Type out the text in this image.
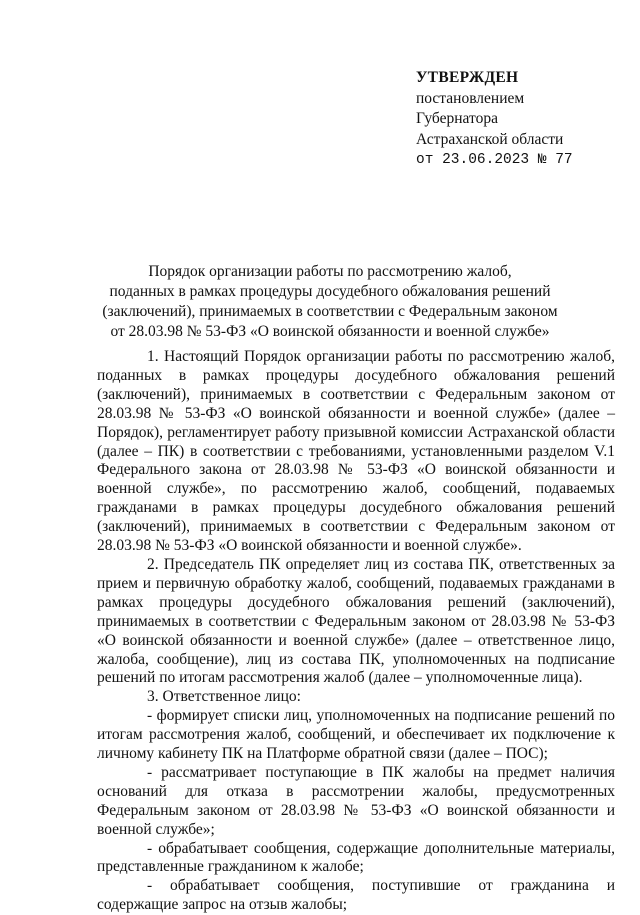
УТВЕРЖДЕН
постановлением
Губернатора
Астраханской области
от 23.06.2023 № 77
Порядок организации работы по рассмотрению жалоб,
поданных в рамках процедуры досудебного обжалования решений
(заключений), принимаемых в соответствии с Федеральным законом
от 28.03.98 № 53-ФЗ «О воинской обязанности и военной службе»

1. Настоящий Порядок организации работы по рассмотрению жалоб, поданных в рамках процедуры досудебного обжалования решений (заключений), принимаемых в соответствии с Федеральным законом от 28.03.98 № 53-ФЗ «О воинской обязанности и военной службе» (далее – Порядок), регламентирует работу призывной комиссии Астраханской области (далее – ПК) в соответствии с требованиями, установленными разделом V.1 Федерального закона от 28.03.98 № 53-ФЗ «О воинской обязанности и военной службе», по рассмотрению жалоб, сообщений, подаваемых гражданами в рамках процедуры досудебного обжалования решений (заключений), принимаемых в соответствии с Федеральным законом от 28.03.98 № 53-ФЗ «О воинской обязанности и военной службе».

2. Председатель ПК определяет лиц из состава ПК, ответственных за прием и первичную обработку жалоб, сообщений, подаваемых гражданами в рамках процедуры досудебного обжалования решений (заключений), принимаемых в соответствии с Федеральным законом от 28.03.98 № 53-ФЗ «О воинской обязанности и военной службе» (далее – ответственное лицо, жалоба, сообщение), лиц из состава ПК, уполномоченных на подписание решений по итогам рассмотрения жалоб (далее – уполномоченные лица).

3. Ответственное лицо:

- формирует списки лиц, уполномоченных на подписание решений по итогам рассмотрения жалоб, сообщений, и обеспечивает их подключение к личному кабинету ПК на Платформе обратной связи (далее – ПОС);

- рассматривает поступающие в ПК жалобы на предмет наличия оснований для отказа в рассмотрении жалобы, предусмотренных Федеральным законом от 28.03.98 № 53-ФЗ «О воинской обязанности и военной службе»;

- обрабатывает сообщения, содержащие дополнительные материалы, представленные гражданином к жалобе;

- обрабатывает сообщения, поступившие от гражданина и содержащие запрос на отзыв жалобы;
